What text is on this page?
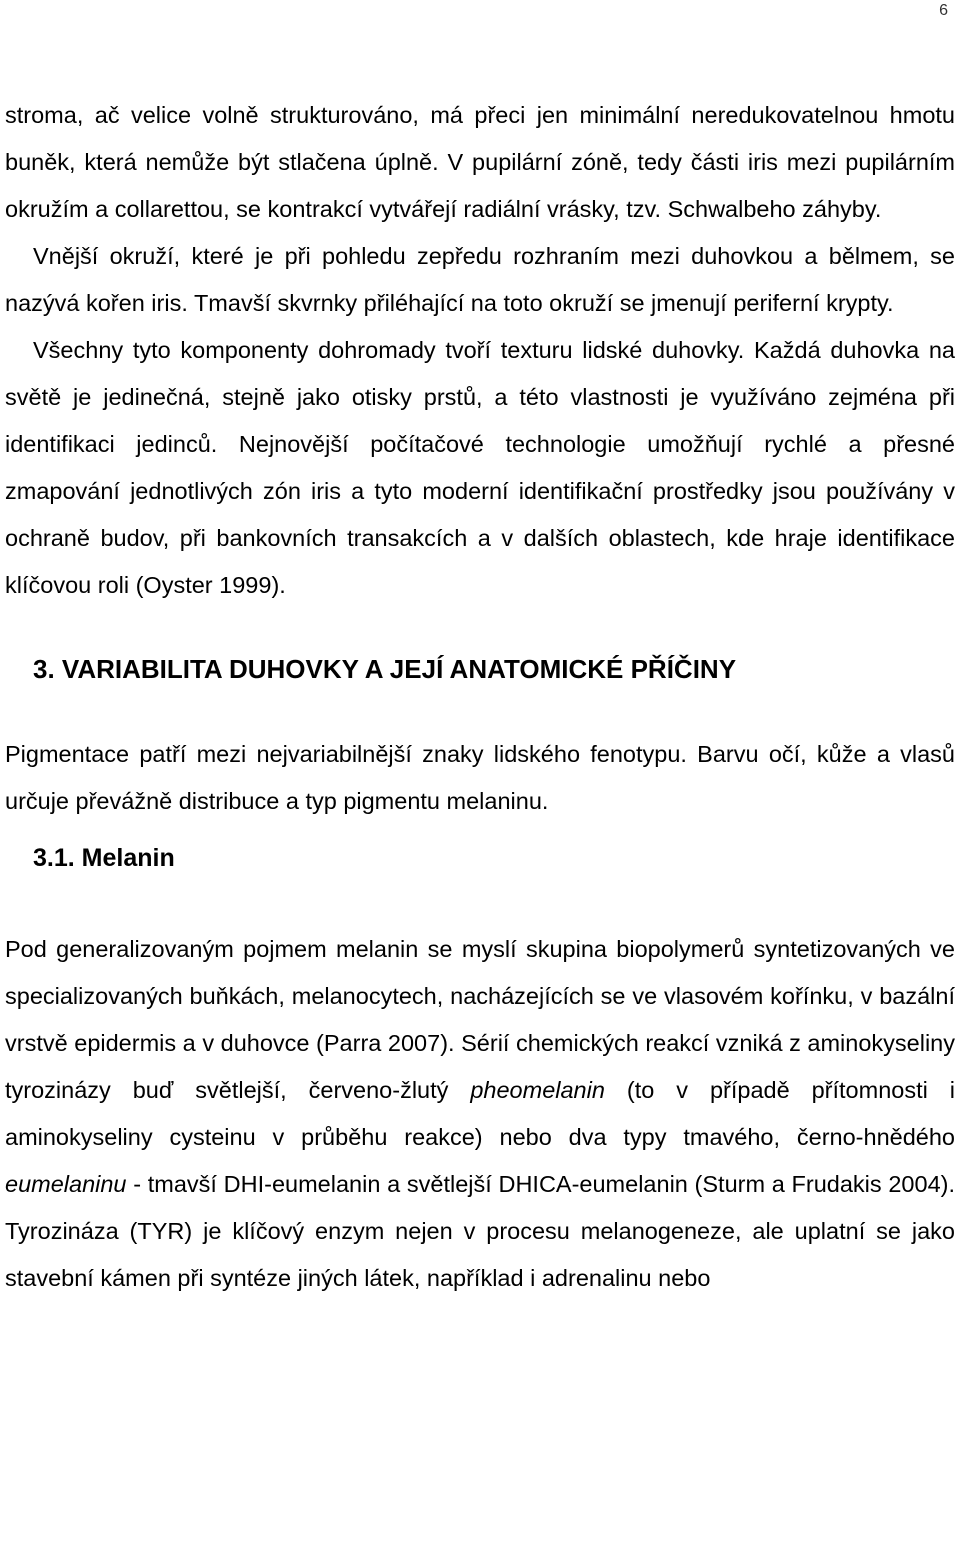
6

stroma, ač velice volně strukturováno, má přeci jen minimální neredukovatelnou hmotu buněk, která nemůže být stlačena úplně. V pupilární zóně, tedy části iris mezi pupilárním okružím a collarettou, se kontrakcí vytvářejí radiální vrásky, tzv. Schwalbeho záhyby.

Vnější okruží, které je při pohledu zepředu rozhraním mezi duhovkou a bělmem, se nazývá kořen iris. Tmavší skvrnky přiléhající na toto okruží se jmenují periferní krypty.

Všechny tyto komponenty dohromady tvoří texturu lidské duhovky. Každá duhovka na světě je jedinečná, stejně jako otisky prstů, a této vlastnosti je využíváno zejména při identifikaci jedinců. Nejnovější počítačové technologie umožňují rychlé a přesné zmapování jednotlivých zón iris a tyto moderní identifikační prostředky jsou používány v ochraně budov, při bankovních transakcích a v dalších oblastech, kde hraje identifikace klíčovou roli (Oyster 1999).

3. VARIABILITA DUHOVKY A JEJÍ ANATOMICKÉ PŘÍČINY

Pigmentace patří mezi nejvariabilnější znaky lidského fenotypu. Barvu očí, kůže a vlasů určuje převážně distribuce a typ pigmentu melaninu.

3.1. Melanin

Pod generalizovaným pojmem melanin se myslí skupina biopolymerů syntetizovaných ve specializovaných buňkách, melanocytech, nacházejících se ve vlasovém kořínku, v bazální vrstvě epidermis a v duhovce (Parra 2007). Sérií chemických reakcí vzniká z aminokyseliny tyrozinázy buď světlejší, červeno-žlutý pheomelanin (to v případě přítomnosti i aminokyseliny cysteinu v průběhu reakce) nebo dva typy tmavého, černo-hnědého eumelaninu - tmavší DHI-eumelanin a světlejší DHICA-eumelanin (Sturm a Frudakis 2004). Tyrozináza (TYR) je klíčový enzym nejen v procesu melanogeneze, ale uplatní se jako stavební kámen při syntéze jiných látek, například i adrenalinu nebo
